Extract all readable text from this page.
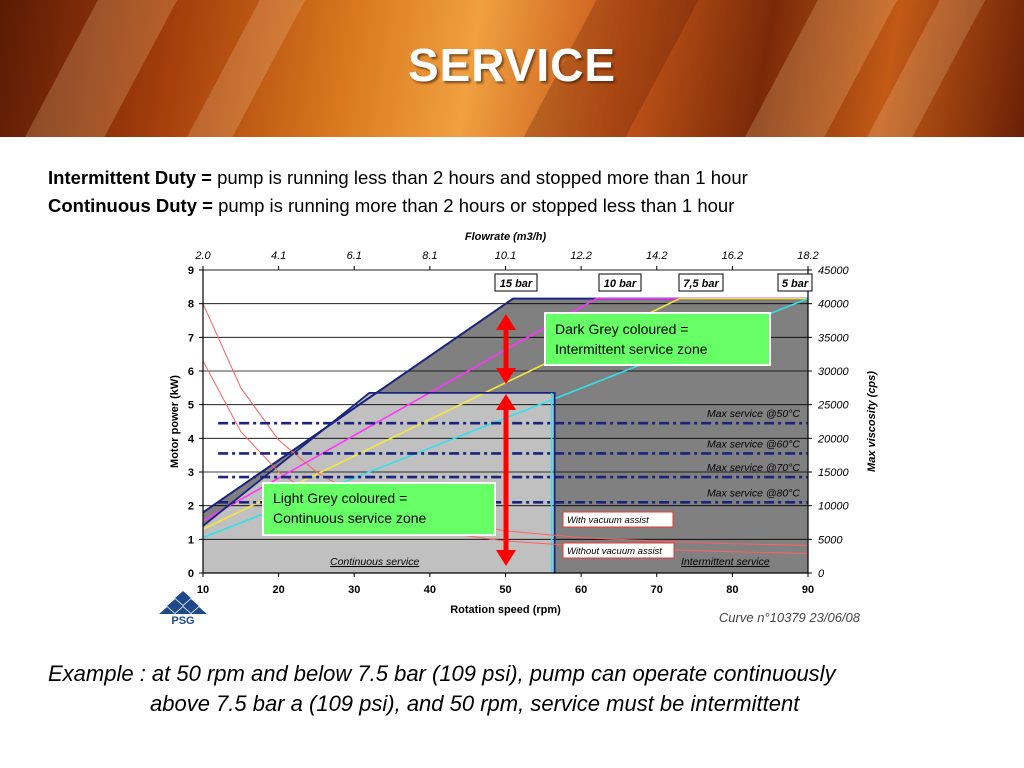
SERVICE
Intermittent Duty = pump is running less than 2 hours and stopped more than 1 hour
Continuous Duty = pump is running more than 2 hours or stopped less than 1 hour
Max service @50°C
Max service @60°C
Max service @70°C
Max service @80°C
10	20	30	40	50	60	70	80	90
Rotation speed (rpm)
2.0	4.1	6.1	8.1	10.1	12.2	14.2	16.2	18.2
Flowrate (m3/h)
0
1
2
3
4
5
6
7
8
9
Motor power (kW)
0
5000
10000
15000
20000
25000
30000
35000
40000
45000
Max viscosity (cps)
15 bar	10 bar	7,5 bar	5 bar
With vacuum assist
Without vacuum assist
Continuous service	Intermittent service
Dark Grey coloured =
Intermittent service zone
Light Grey coloured =
Continuous service zone
Curve n°10379 23/06/08
PSG
Example : at 50 rpm and below 7.5 bar (109 psi), pump can operate continuously
above 7.5 bar a (109 psi), and 50 rpm, service must be intermittent
